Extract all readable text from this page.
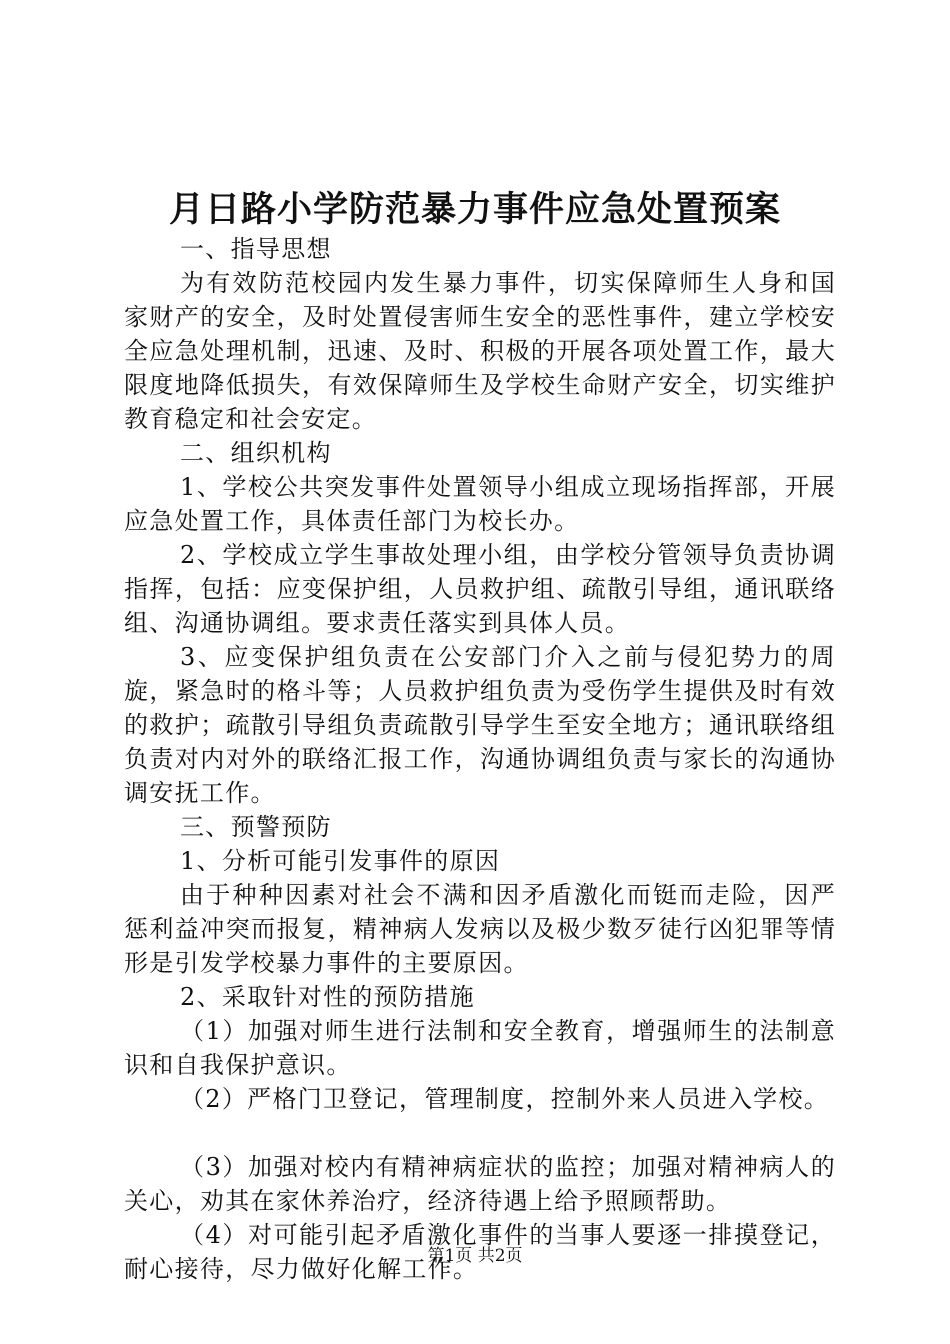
月日路小学防范暴力事件应急处置预案

一、指导思想

为有效防范校园内发生暴力事件，切实保障师生人身和国家财产的安全，及时处置侵害师生安全的恶性事件，建立学校安全应急处理机制，迅速、及时、积极的开展各项处置工作，最大限度地降低损失，有效保障师生及学校生命财产安全，切实维护教育稳定和社会安定。

二、组织机构

1、学校公共突发事件处置领导小组成立现场指挥部，开展应急处置工作，具体责任部门为校长办。

2、学校成立学生事故处理小组，由学校分管领导负责协调指挥，包括：应变保护组，人员救护组、疏散引导组，通讯联络组、沟通协调组。要求责任落实到具体人员。

3、应变保护组负责在公安部门介入之前与侵犯势力的周旋，紧急时的格斗等；人员救护组负责为受伤学生提供及时有效的救护；疏散引导组负责疏散引导学生至安全地方；通讯联络组负责对内对外的联络汇报工作，沟通协调组负责与家长的沟通协调安抚工作。

三、预警预防

1、分析可能引发事件的原因

由于种种因素对社会不满和因矛盾激化而铤而走险，因严惩利益冲突而报复，精神病人发病以及极少数歹徒行凶犯罪等情形是引发学校暴力事件的主要原因。

2、采取针对性的预防措施

（1）加强对师生进行法制和安全教育，增强师生的法制意识和自我保护意识。

（2）严格门卫登记，管理制度，控制外来人员进入学校。

（3）加强对校内有精神病症状的监控；加强对精神病人的关心，劝其在家休养治疗，经济待遇上给予照顾帮助。

（4）对可能引起矛盾激化事件的当事人要逐一排摸登记，耐心接待，尽力做好化解工作。

第1页 共2页
